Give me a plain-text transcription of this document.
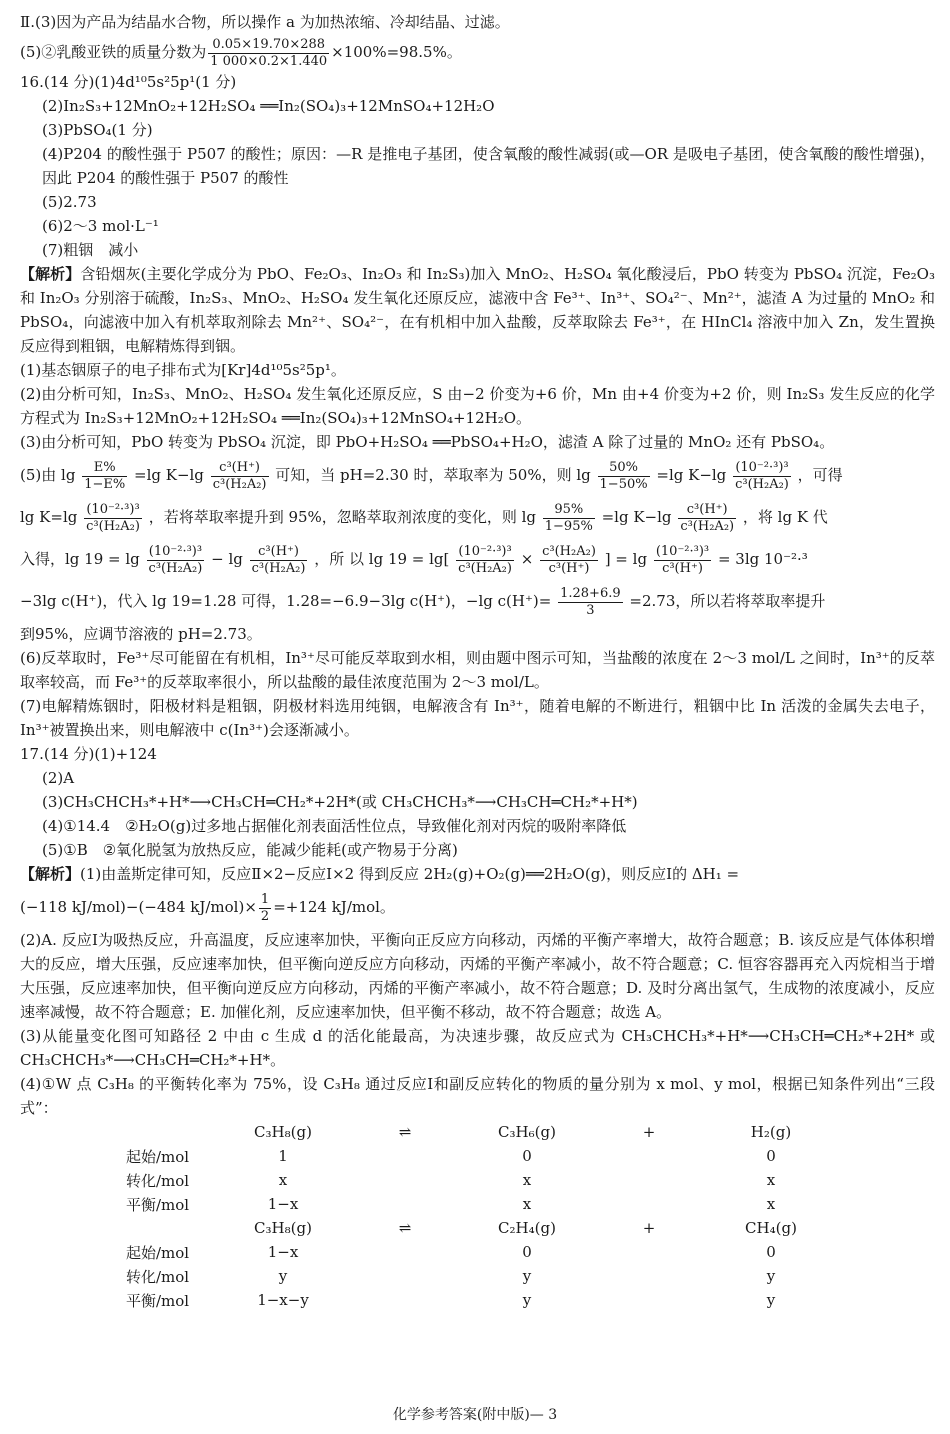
Ⅱ.(3)因为产品为结晶水合物，所以操作 a 为加热浓缩、冷却结晶、过滤。
(5)②乳酸亚铁的质量分数为 $\frac{0.05\times 19.70\times 288}{1 000\times 0.2\times 1.440} \times 100\%=98.5\%$。
16.(14 分)(1)4d¹⁰5s²5p¹(1 分)
(2)In₂S₃+12MnO₂+12H₂SO₄ ══In₂(SO₄)₃+12MnSO₄+12H₂O
(3)PbSO₄(1 分)
(4)P204 的酸性强于 P507 的酸性；原因：—R 是推电子基团，使含氧酸的酸性减弱(或—OR 是吸电子基团，使含氧酸的酸性增强)，因此 P204 的酸性强于 P507 的酸性
(5)2.73
(6)2～3 mol·L⁻¹
(7)粗铟　减小
【解析】含铅烟灰(主要化学成分为 PbO、Fe₂O₃、In₂O₃ 和 In₂S₃)加入 MnO₂、H₂SO₄ 氧化酸浸后，PbO 转变为 PbSO₄ 沉淀，Fe₂O₃ 和 In₂O₃ 分别溶于硫酸，In₂S₃、MnO₂、H₂SO₄ 发生氧化还原反应，滤液中含 Fe³⁺、In³⁺、SO₄²⁻、Mn²⁺，滤渣 A 为过量的 MnO₂ 和 PbSO₄，向滤液中加入有机萃取剂除去 Mn²⁺、SO₄²⁻，在有机相中加入盐酸，反萃取除去 Fe³⁺，在 HInCl₄ 溶液中加入 Zn，发生置换反应得到粗铟，电解精炼得到铟。
(1)基态铟原子的电子排布式为[Kr]4d¹⁰5s²5p¹。
(2)由分析可知，In₂S₃、MnO₂、H₂SO₄ 发生氧化还原反应，S 由−2 价变为+6 价，Mn 由+4 价变为+2 价，则 In₂S₃ 发生反应的化学方程式为 In₂S₃+12MnO₂+12H₂SO₄ ══In₂(SO₄)₃+12MnSO₄+12H₂O。
(3)由分析可知，PbO 转变为 PbSO₄ 沉淀，即 PbO+H₂SO₄ ══PbSO₄+H₂O，滤渣 A 除了过量的 MnO₂ 还有 PbSO₄。
(5)由 $\lg \frac{E\%}{1-E\%} =\lg$ $K-\lg \frac{\text{c³(H⁺)}}{\text{c³(H₂A₂)}}$ 可知，当 pH=2.30 时，萃取率为 50%，则 $\lg \frac{50\%}{1-50\%} =\lg$ $K-\lg \frac{\text{(10⁻²·³)³}}{\text{c³(H₂A₂)}}$ ，可得
$\lg K=\lg \frac{\text{(10⁻²·³)³}}{\text{c³(H₂A₂)}}$ ，若将萃取率提升到 95%，忽略萃取剂浓度的变化，则 $\lg \frac{95\%}{1-95\%} =\lg$ $K-\lg \frac{\text{c³(H⁺)}}{\text{c³(H₂A₂)}}$ ，将 lg K 代
入得，$\lg 19 = \lg \frac{\text{(10⁻²·³)³}}{\text{c³(H₂A₂)}} - \lg \frac{\text{c³(H⁺)}}{\text{c³(H₂A₂)}}$ ，所 以 $\lg 19 = \lg[ \frac{\text{(10⁻²·³)³}}{\text{c³(H₂A₂)}} \times \frac{\text{c³(H₂A₂)}}{\text{c³(H⁺)}}$ ] = $\lg \frac{\text{(10⁻²·³)³}}{\text{c³(H⁺)}} = 3\lg$ 10⁻²·³
−3lg c(H⁺)，代入 lg 19=1.28 可得，1.28=−6.9−3lg c(H⁺)，−lg $c(H^+)= \frac{1.28+6.9}{3} =2.73$，所以若将萃取率提升
到95%，应调节溶液的 pH=2.73。
(6)反萃取时，Fe³⁺尽可能留在有机相，In³⁺尽可能反萃取到水相，则由题中图示可知，当盐酸的浓度在 2～3 mol/L 之间时，In³⁺的反萃取率较高，而 Fe³⁺的反萃取率很小，所以盐酸的最佳浓度范围为 2～3 mol/L。
(7)电解精炼铟时，阳极材料是粗铟，阴极材料选用纯铟，电解液含有 In³⁺，随着电解的不断进行，粗铟中比 In 活泼的金属失去电子，In³⁺被置换出来，则电解液中 c(In³⁺)会逐渐减小。
17.(14 分)(1)+124
(2)A
(3)CH₃CHCH₃*+H*⟶CH₃CH═CH₂*+2H*(或 CH₃CHCH₃*⟶CH₃CH═CH₂*+H*)
(4)①14.4　②H₂O(g)过多地占据催化剂表面活性位点，导致催化剂对丙烷的吸附率降低
(5)①B　②氧化脱氢为放热反应，能减少能耗(或产物易于分离)
【解析】(1)由盖斯定律可知，反应Ⅱ×2−反应Ⅰ×2 得到反应 2H₂(g)+O₂(g)══2H₂O(g)，则反应Ⅰ的 ΔH₁ =
(−118 kJ/mol)−(−484 $kJ/mol)\times \frac{1}{2} =+124$ kJ/mol。
(2)A. 反应Ⅰ为吸热反应，升高温度，反应速率加快，平衡向正反应方向移动，丙烯的平衡产率增大，故符合题意；B. 该反应是气体体积增大的反应，增大压强，反应速率加快，但平衡向逆反应方向移动，丙烯的平衡产率减小，故不符合题意；C. 恒容容器再充入丙烷相当于增大压强，反应速率加快，但平衡向逆反应方向移动，丙烯的平衡产率减小，故不符合题意；D. 及时分离出氢气，生成物的浓度减小，反应速率减慢，故不符合题意；E. 加催化剂，反应速率加快，但平衡不移动，故不符合题意；故选 A。
(3)从能量变化图可知路径 2 中由 c 生成 d 的活化能最高，为决速步骤，故反应式为 CH₃CHCH₃*+H*⟶CH₃CH═CH₂*+2H* 或 CH₃CHCH₃*⟶CH₃CH═CH₂*+H*。
(4)①W 点 C₃H₈ 的平衡转化率为 75%，设 C₃H₈ 通过反应Ⅰ和副反应转化的物质的量分别为 x mol、y mol，根据已知条件列出“三段式”：
	C₃H₈(g)	⇌	C₃H₆(g)	+	H₂(g)
起始/mol	1		0		0
转化/mol	x		x		x
平衡/mol	1−x		x		x
	C₃H₈(g)	⇌	C₂H₄(g)	+	CH₄(g)
起始/mol	1−x		0		0
转化/mol	y		y		y
平衡/mol	1−x−y		y		y
化学参考答案(附中版)— 3
